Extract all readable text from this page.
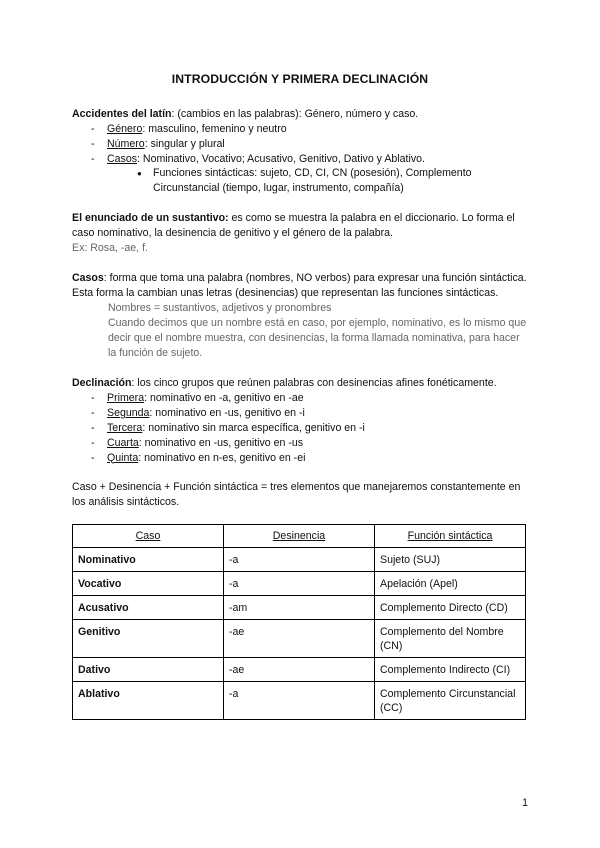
INTRODUCCIÓN Y PRIMERA DECLINACIÓN

Accidentes del latín: (cambios en las palabras): Género, número y caso.

- Género: masculino, femenino y neutro
- Número: singular y plural
- Casos: Nominativo, Vocativo; Acusativo, Genitivo, Dativo y Ablativo.
● Funciones sintácticas: sujeto, CD, CI, CN (posesión), Complemento Circunstancial (tiempo, lugar, instrumento, compañía)

El enunciado de un sustantivo: es como se muestra la palabra en el diccionario. Lo forma el caso nominativo, la desinencia de genitivo y el género de la palabra.

Ex: Rosa, -ae, f.

Casos: forma que toma una palabra (nombres, NO verbos) para expresar una función sintáctica. Esta forma la cambian unas letras (desinencias) que representan las funciones sintácticas.

Nombres = sustantivos, adjetivos y pronombres

Cuando decimos que un nombre está en caso, por ejemplo, nominativo, es lo mismo que decir que el nombre muestra, con desinencias, la forma llamada nominativa, para hacer la función de sujeto.

Declinación: los cinco grupos que reúnen palabras con desinencias afines fonéticamente.

- Primera: nominativo en -a, genitivo en -ae
- Segunda: nominativo en -us, genitivo en -i
- Tercera: nominativo sin marca específica, genitivo en -i
- Cuarta: nominativo en -us, genitivo en -us
- Quinta: nominativo en n-es, genitivo en -ei

Caso + Desinencia + Función sintáctica = tres elementos que manejaremos constantemente en los análisis sintácticos.

Caso	Desinencia	Función sintáctica
Nominativo	-a	Sujeto (SUJ)
Vocativo	-a	Apelación (Apel)
Acusativo	-am	Complemento Directo (CD)
Genitivo	-ae	Complemento del Nombre (CN)
Dativo	-ae	Complemento Indirecto (CI)
Ablativo	-a	Complemento Circunstancial (CC)
1
